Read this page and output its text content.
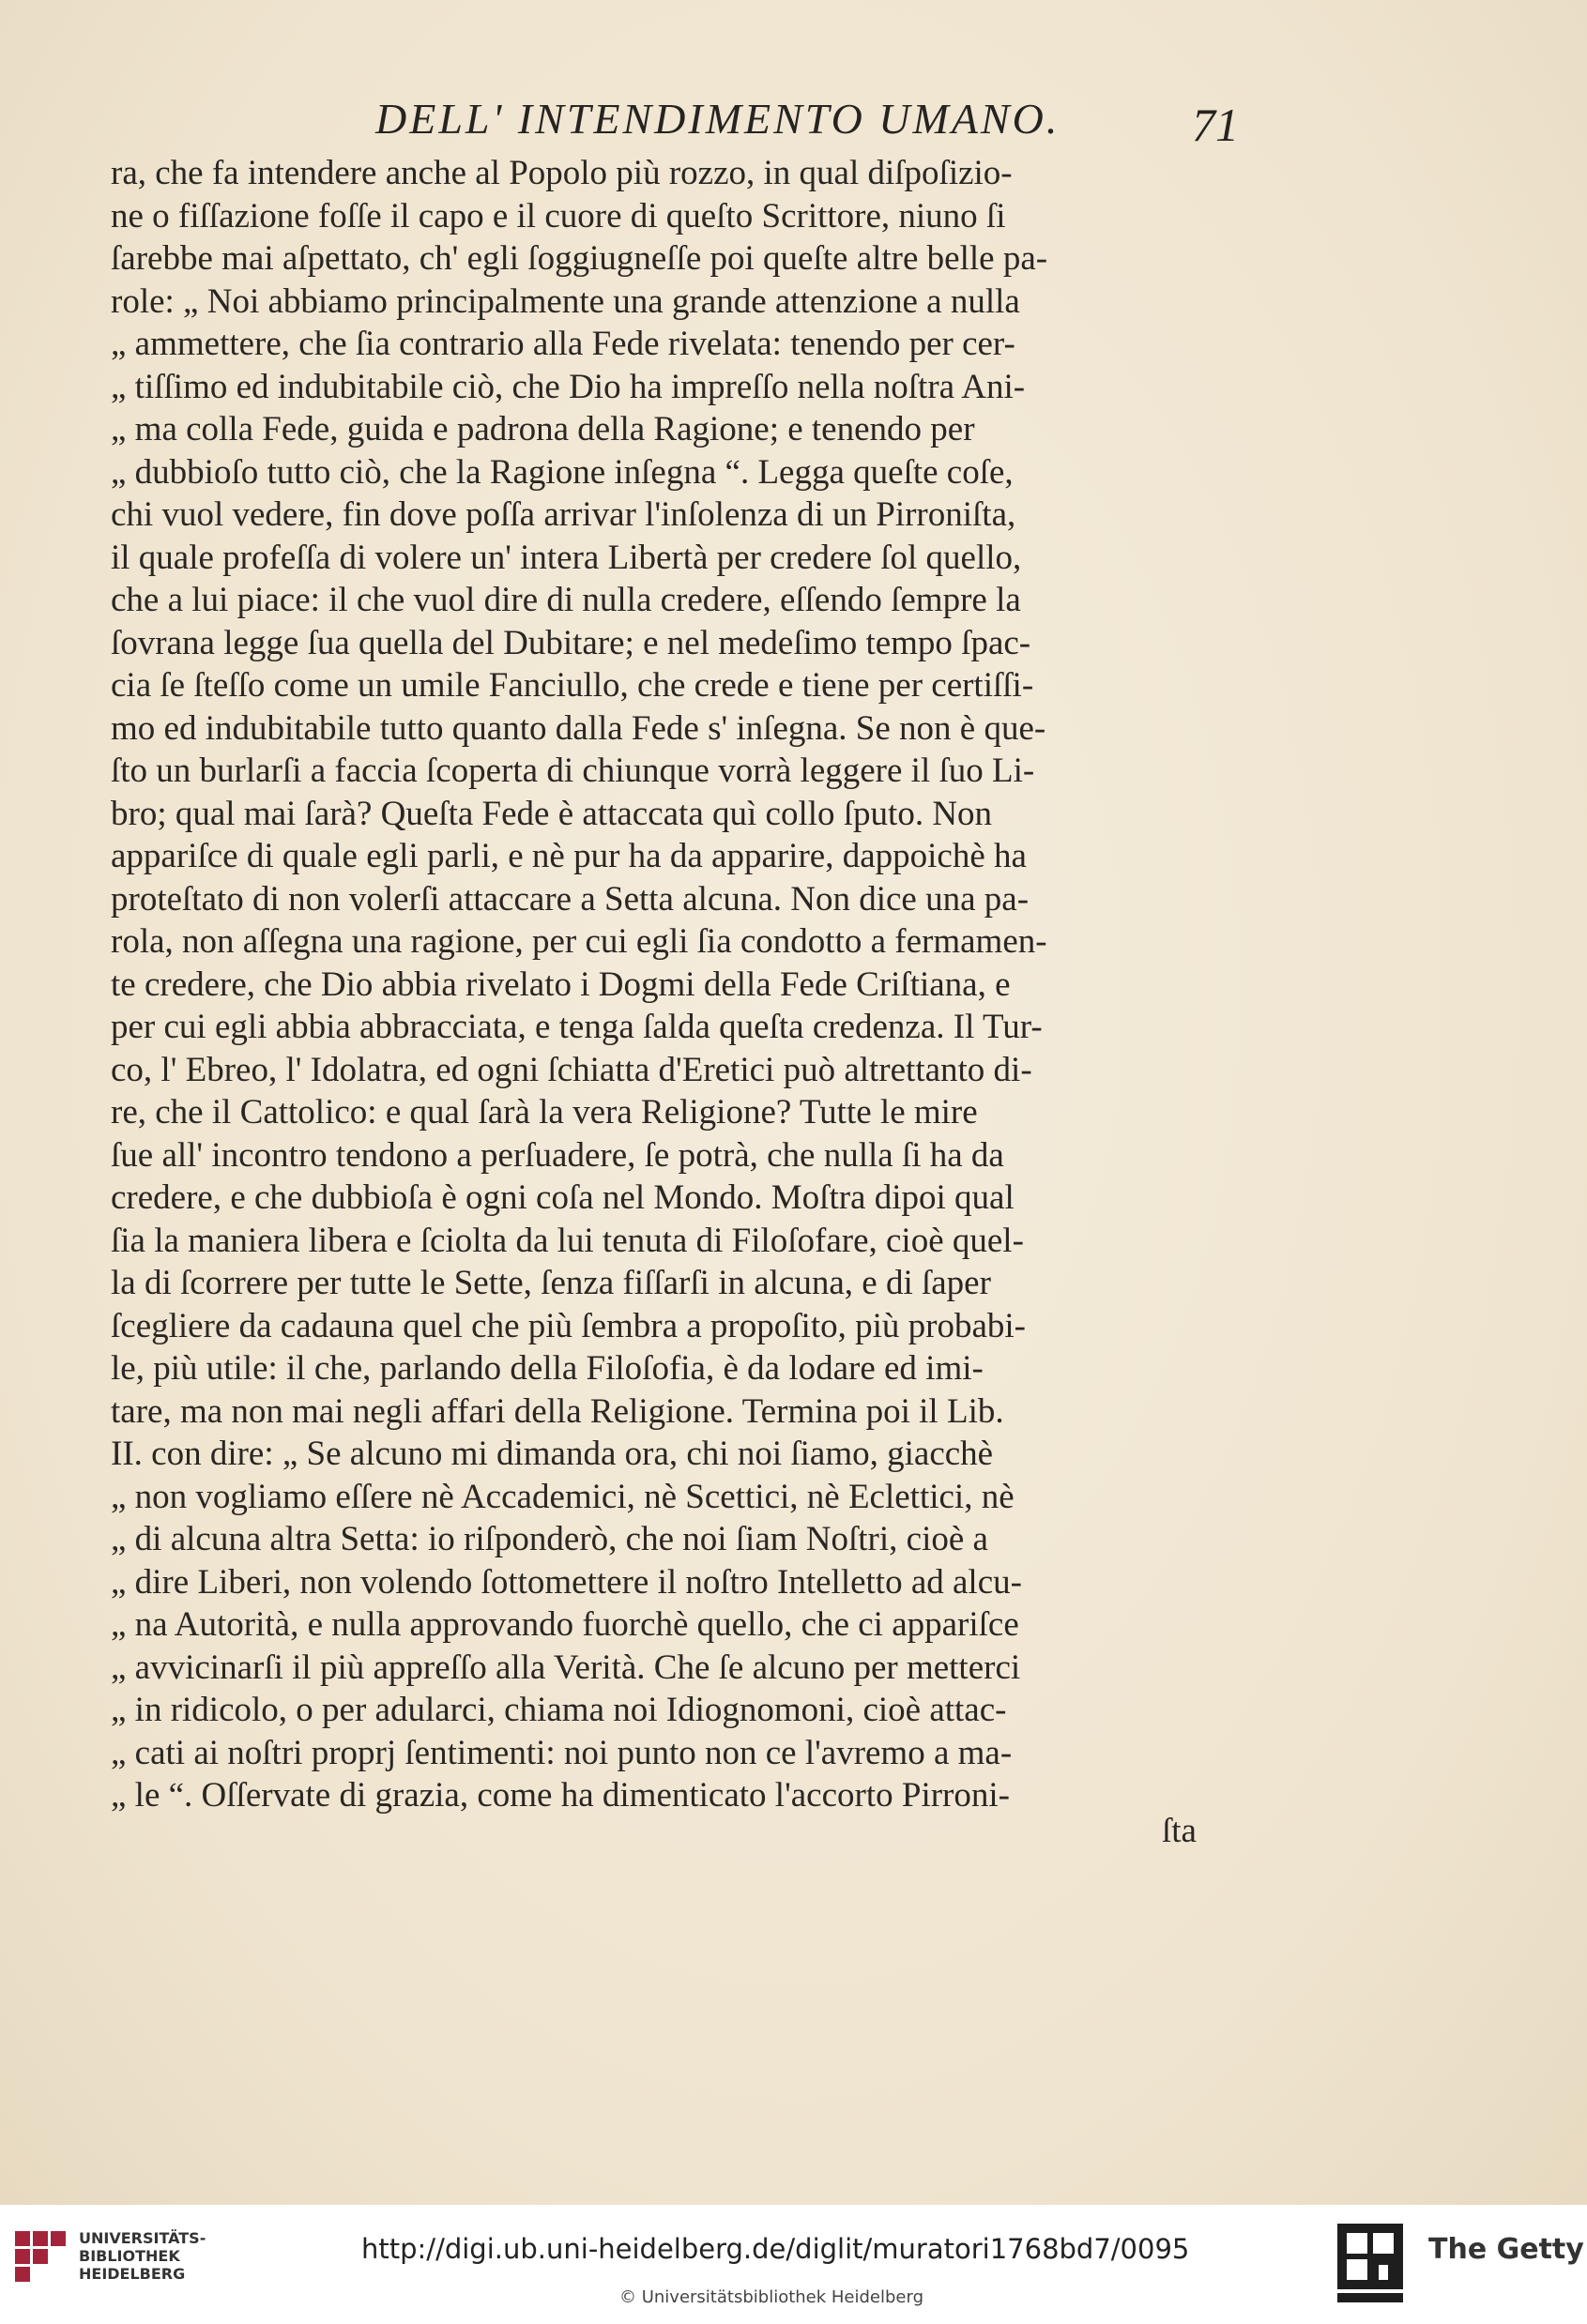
DELL' INTENDIMENTO UMANO.	71
ra, che fa intendere anche al Popolo più rozzo, in qual diſpoſizio-
ne o fiſſazione foſſe il capo e il cuore di queſto Scrittore, niuno ſi
ſarebbe mai aſpettato, ch' egli ſoggiugneſſe poi queſte altre belle pa-
role: „ Noi abbiamo principalmente una grande attenzione a nulla
„ ammettere, che ſia contrario alla Fede rivelata: tenendo per cer-
„ tiſſimo ed indubitabile ciò, che Dio ha impreſſo nella noſtra Ani-
„ ma colla Fede, guida e padrona della Ragione; e tenendo per
„ dubbioſo tutto ciò, che la Ragione inſegna “. Legga queſte coſe,
chi vuol vedere, fin dove poſſa arrivar l'inſolenza di un Pirroniſta,
il quale profeſſa di volere un' intera Libertà per credere ſol quello,
che a lui piace: il che vuol dire di nulla credere, eſſendo ſempre la
ſovrana legge ſua quella del Dubitare; e nel medeſimo tempo ſpac-
cia ſe ſteſſo come un umile Fanciullo, che crede e tiene per certiſſi-
mo ed indubitabile tutto quanto dalla Fede s' inſegna. Se non è que-
ſto un burlarſi a faccia ſcoperta di chiunque vorrà leggere il ſuo Li-
bro; qual mai ſarà? Queſta Fede è attaccata quì collo ſputo. Non
appariſce di quale egli parli, e nè pur ha da apparire, dappoichè ha
proteſtato di non volerſi attaccare a Setta alcuna. Non dice una pa-
rola, non aſſegna una ragione, per cui egli ſia condotto a fermamen-
te credere, che Dio abbia rivelato i Dogmi della Fede Criſtiana, e
per cui egli abbia abbracciata, e tenga ſalda queſta credenza. Il Tur-
co, l' Ebreo, l' Idolatra, ed ogni ſchiatta d'Eretici può altrettanto di-
re, che il Cattolico: e qual ſarà la vera Religione? Tutte le mire
ſue all' incontro tendono a perſuadere, ſe potrà, che nulla ſi ha da
credere, e che dubbioſa è ogni coſa nel Mondo. Moſtra dipoi qual
ſia la maniera libera e ſciolta da lui tenuta di Filoſofare, cioè quel-
la di ſcorrere per tutte le Sette, ſenza fiſſarſi in alcuna, e di ſaper
ſcegliere da cadauna quel che più ſembra a propoſito, più probabi-
le, più utile: il che, parlando della Filoſofia, è da lodare ed imi-
tare, ma non mai negli affari della Religione. Termina poi il Lib.
II. con dire: „ Se alcuno mi dimanda ora, chi noi ſiamo, giacchè
„ non vogliamo eſſere nè Accademici, nè Scettici, nè Eclettici, nè
„ di alcuna altra Setta: io riſponderò, che noi ſiam Noſtri, cioè a
„ dire Liberi, non volendo ſottomettere il noſtro Intelletto ad alcu-
„ na Autorità, e nulla approvando fuorchè quello, che ci appariſce
„ avvicinarſi il più appreſſo alla Verità. Che ſe alcuno per metterci
„ in ridicolo, o per adularci, chiama noi Idiognomoni, cioè attac-
„ cati ai noſtri proprj ſentimenti: noi punto non ce l'avremo a ma-
„ le “. Oſſervate di grazia, come ha dimenticato l'accorto Pirroni-
ſta
UNIVERSITÄTS-
BIBLIOTHEK
HEIDELBERG
http://digi.ub.uni-heidelberg.de/diglit/muratori1768bd7/0095
© Universitätsbibliothek Heidelberg
The Getty
